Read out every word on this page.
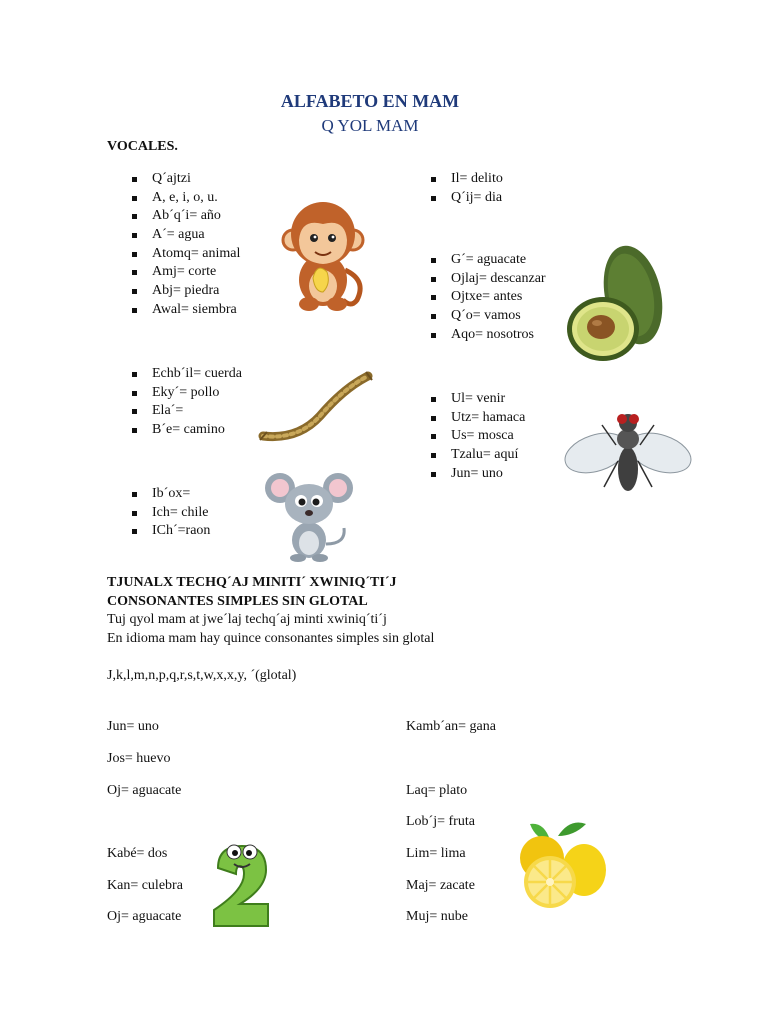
ALFABETO EN MAM
Q YOL MAM
VOCALES.
Q´ajtzi
A, e, i, o, u.
Ab´q´i= año
A´= agua
Atomq= animal
Amj= corte
Abj= piedra
Awal= siembra
Echb´il= cuerda
Eky´= pollo
Ela´=
B´e= camino
Ib´ox=
Ich= chile
ICh´=raon
Il= delito
Q´ij= dia
G´= aguacate
Ojlaj= descanzar
Ojtxe= antes
Q´o= vamos
Aqo= nosotros
Ul= venir
Utz= hamaca
Us= mosca
Tzalu= aquí
Jun= uno
TJUNALX TECHQ´AJ MINITI´ XWINIQ´TI´J
CONSONANTES SIMPLES SIN GLOTAL
Tuj qyol mam at jwe´laj techq´aj minti xwiniq´ti´j
En idioma mam hay quince consonantes simples sin glotal
J,k,l,m,n,p,q,r,s,t,w,x,x,y, ´(glotal)
Jun= uno
Jos= huevo
Oj= aguacate
Kabé= dos
Kan= culebra
Oj= aguacate
Kamb´an= gana
Laq= plato
Lob´j= fruta
Lim= lima
Maj= zacate
Muj= nube
